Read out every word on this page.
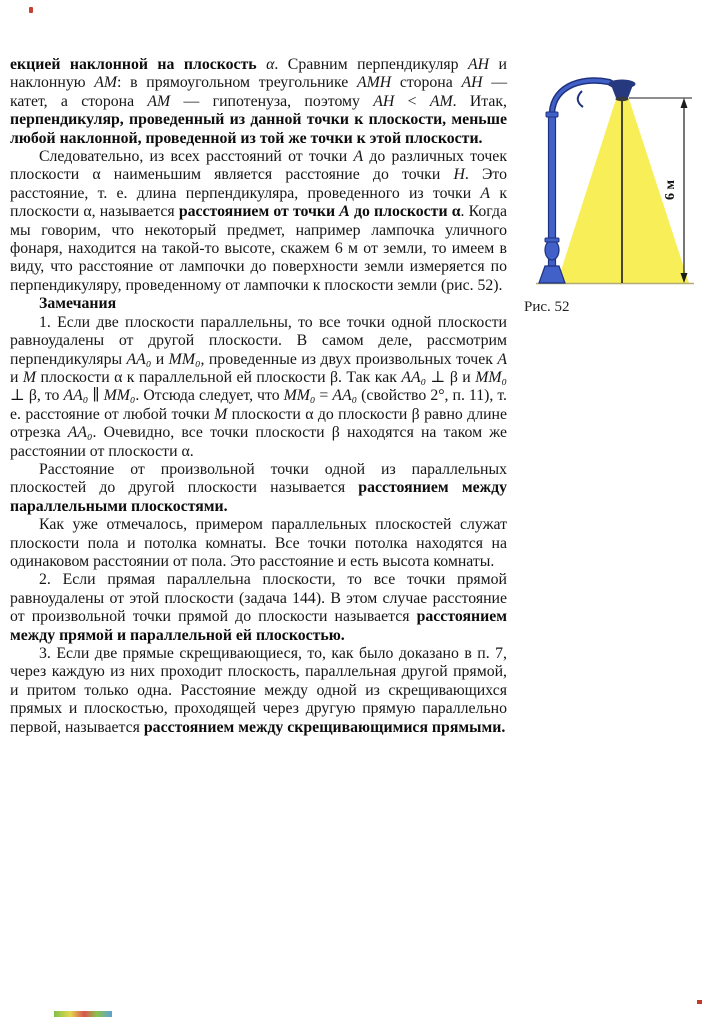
екцией наклонной на плоскость α. Сравним перпендикуляр AH и наклонную AM: в прямоугольном треугольнике AMH сторона AH — катет, а сторона AM — гипотенуза, поэтому AH < AM. Итак, перпендикуляр, проведенный из данной точки к плоскости, меньше любой наклонной, проведенной из той же точки к этой плоскости.

Следовательно, из всех расстояний от точки A до различных точек плоскости α наименьшим является расстояние до точки H. Это расстояние, т. е. длина перпендикуляра, проведенного из точки A к плоскости α, называется расстоянием от точки A до плоскости α. Когда мы говорим, что некоторый предмет, например лампочка уличного фонаря, находится на такой-то высоте, скажем 6 м от земли, то имеем в виду, что расстояние от лампочки до поверхности земли измеряется по перпендикуляру, проведенному от лампочки к плоскости земли (рис. 52).

Замечания

1. Если две плоскости параллельны, то все точки одной плоскости равноудалены от другой плоскости. В самом деле, рассмотрим перпендикуляры AA₀ и MM₀, проведенные из двух произвольных точек A и M плоскости α к параллельной ей плоскости β. Так как AA₀ ⊥ β и MM₀ ⊥ β, то AA₀ ∥ MM₀. Отсюда следует, что MM₀ = AA₀ (свойство 2°, п. 11), т. е. расстояние от любой точки M плоскости α до плоскости β равно длине отрезка AA₀. Очевидно, все точки плоскости β находятся на таком же расстоянии от плоскости α.

Расстояние от произвольной точки одной из параллельных плоскостей до другой плоскости называется расстоянием между параллельными плоскостями.

Как уже отмечалось, примером параллельных плоскостей служат плоскости пола и потолка комнаты. Все точки потолка находятся на одинаковом расстоянии от пола. Это расстояние и есть высота комнаты.

2. Если прямая параллельна плоскости, то все точки прямой равноудалены от этой плоскости (задача 144). В этом случае расстояние от произвольной точки прямой до плоскости называется расстоянием между прямой и параллельной ей плоскостью.

3. Если две прямые скрещивающиеся, то, как было доказано в п. 7, через каждую из них проходит плоскость, параллельная другой прямой, и притом только одна. Расстояние между одной из скрещивающихся прямых и плоскостью, проходящей через другую прямую параллельно первой, называется расстоянием между скрещивающимися прямыми.

6 м
Рис. 52
